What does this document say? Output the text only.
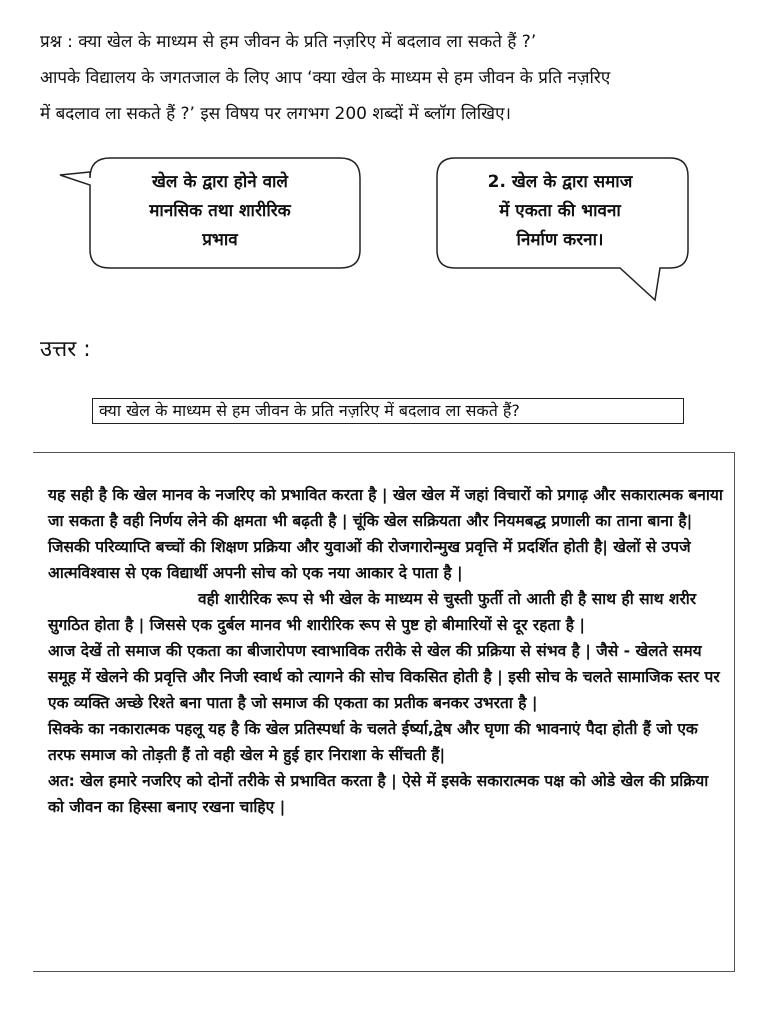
प्रश्न : क्या खेल के माध्यम से हम जीवन के प्रति नज़रिए में बदलाव ला सकते हैं ?’
आपके विद्यालय के जगतजाल के लिए आप ‘क्या खेल के माध्यम से हम जीवन के प्रति नज़रिए
में बदलाव ला सकते हैं ?’ इस विषय पर लगभग 200 शब्दों में ब्लॉग लिखिए।
खेल के द्वारा होने वाले
मानसिक तथा शारीरिक
प्रभाव
2. खेल के द्वारा समाज
में एकता की भावना
निर्माण करना।
उत्तर :
क्या खेल के माध्यम से हम जीवन के प्रति नज़रिए में बदलाव ला सकते हैं?

यह सही है कि खेल मानव के नजरिए को प्रभावित करता है | खेल खेल में जहां विचारों को प्रगाढ़ और सकारात्मक बनाया जा सकता है वही निर्णय लेने की क्षमता भी बढ़ती है | चूंकि खेल सक्रियता और नियमबद्ध प्रणाली का ताना बाना है| जिसकी परिव्याप्ति बच्चों की शिक्षण प्रक्रिया और युवाओं की रोजगारोन्मुख प्रवृत्ति में प्रदर्शित होती है| खेलों से उपजे आत्मविश्वास से एक विद्यार्थी अपनी सोच को एक नया आकार दे पाता है |

वही शारीरिक रूप से भी खेल के माध्यम से चुस्ती फुर्ती तो आती ही है साथ ही साथ शरीर सुगठित होता है | जिससे एक दुर्बल मानव भी शारीरिक रूप से पुष्ट हो बीमारियों से दूर रहता है |

आज देखें तो समाज की एकता का बीजारोपण स्वाभाविक तरीके से खेल की प्रक्रिया से संभव है | जैसे - खेलते समय समूह में खेलने की प्रवृत्ति और निजी स्वार्थ को त्यागने की सोच विकसित होती है | इसी सोच के चलते सामाजिक स्तर पर एक व्यक्ति अच्छे रिश्ते बना पाता है जो समाज की एकता का प्रतीक बनकर उभरता है |

सिक्के का नकारात्मक पहलू यह है कि खेल प्रतिस्पर्धा के चलते ईर्ष्या,द्वेष और घृणा की भावनाएं पैदा होती हैं जो एक तरफ समाज को तोड़ती हैं तो वही खेल मे हुई हार निराशा के सींचती हैं|

अत: खेल हमारे नजरिए को दोनों तरीके से प्रभावित करता है | ऐसे में इसके सकारात्मक पक्ष को ओडे खेल की प्रक्रिया को जीवन का हिस्सा बनाए रखना चाहिए |
